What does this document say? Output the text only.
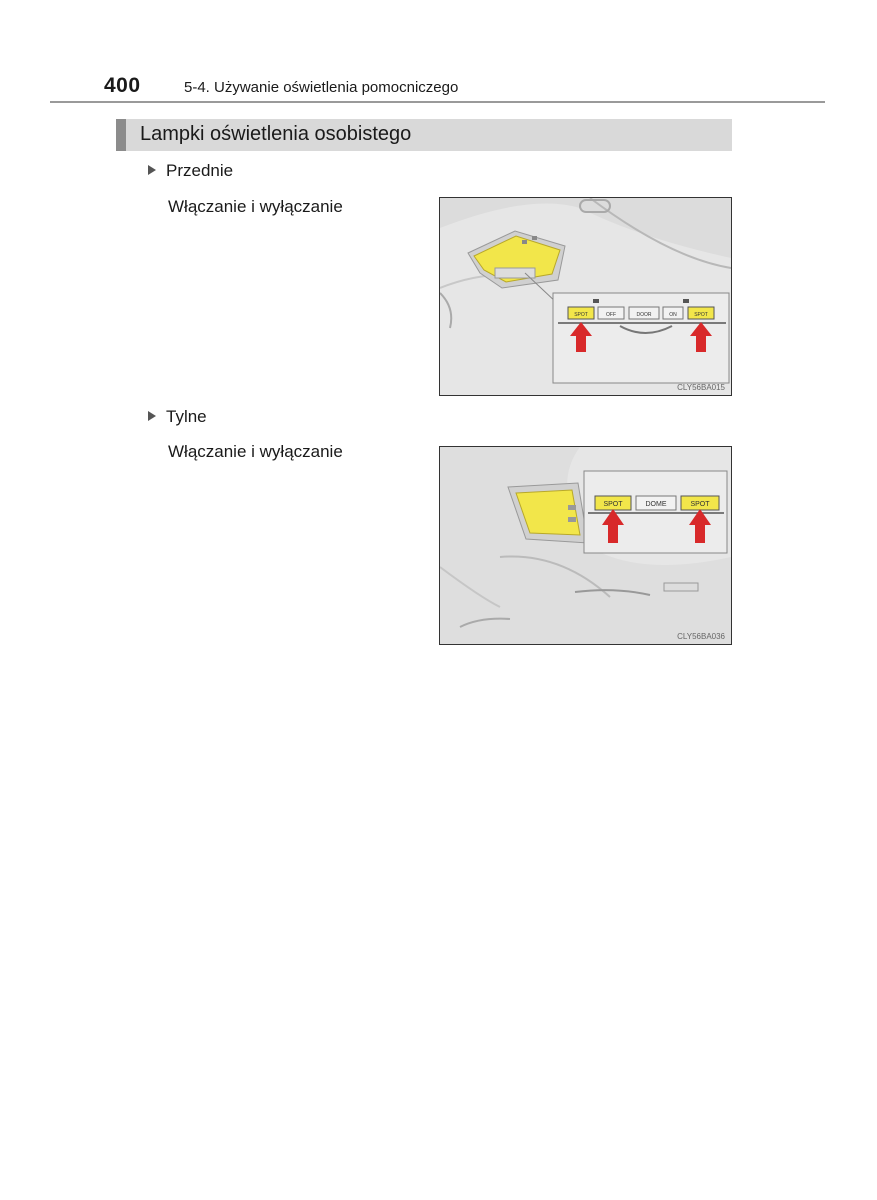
400	5-4. Używanie oświetlenia pomocniczego
Lampki oświetlenia osobistego
Przednie
Włączanie i wyłączanie
SPOT	OFF	DOOR	ON	SPOT
CLY56BA015
Tylne
Włączanie i wyłączanie
SPOT	DOME	SPOT
CLY56BA036
